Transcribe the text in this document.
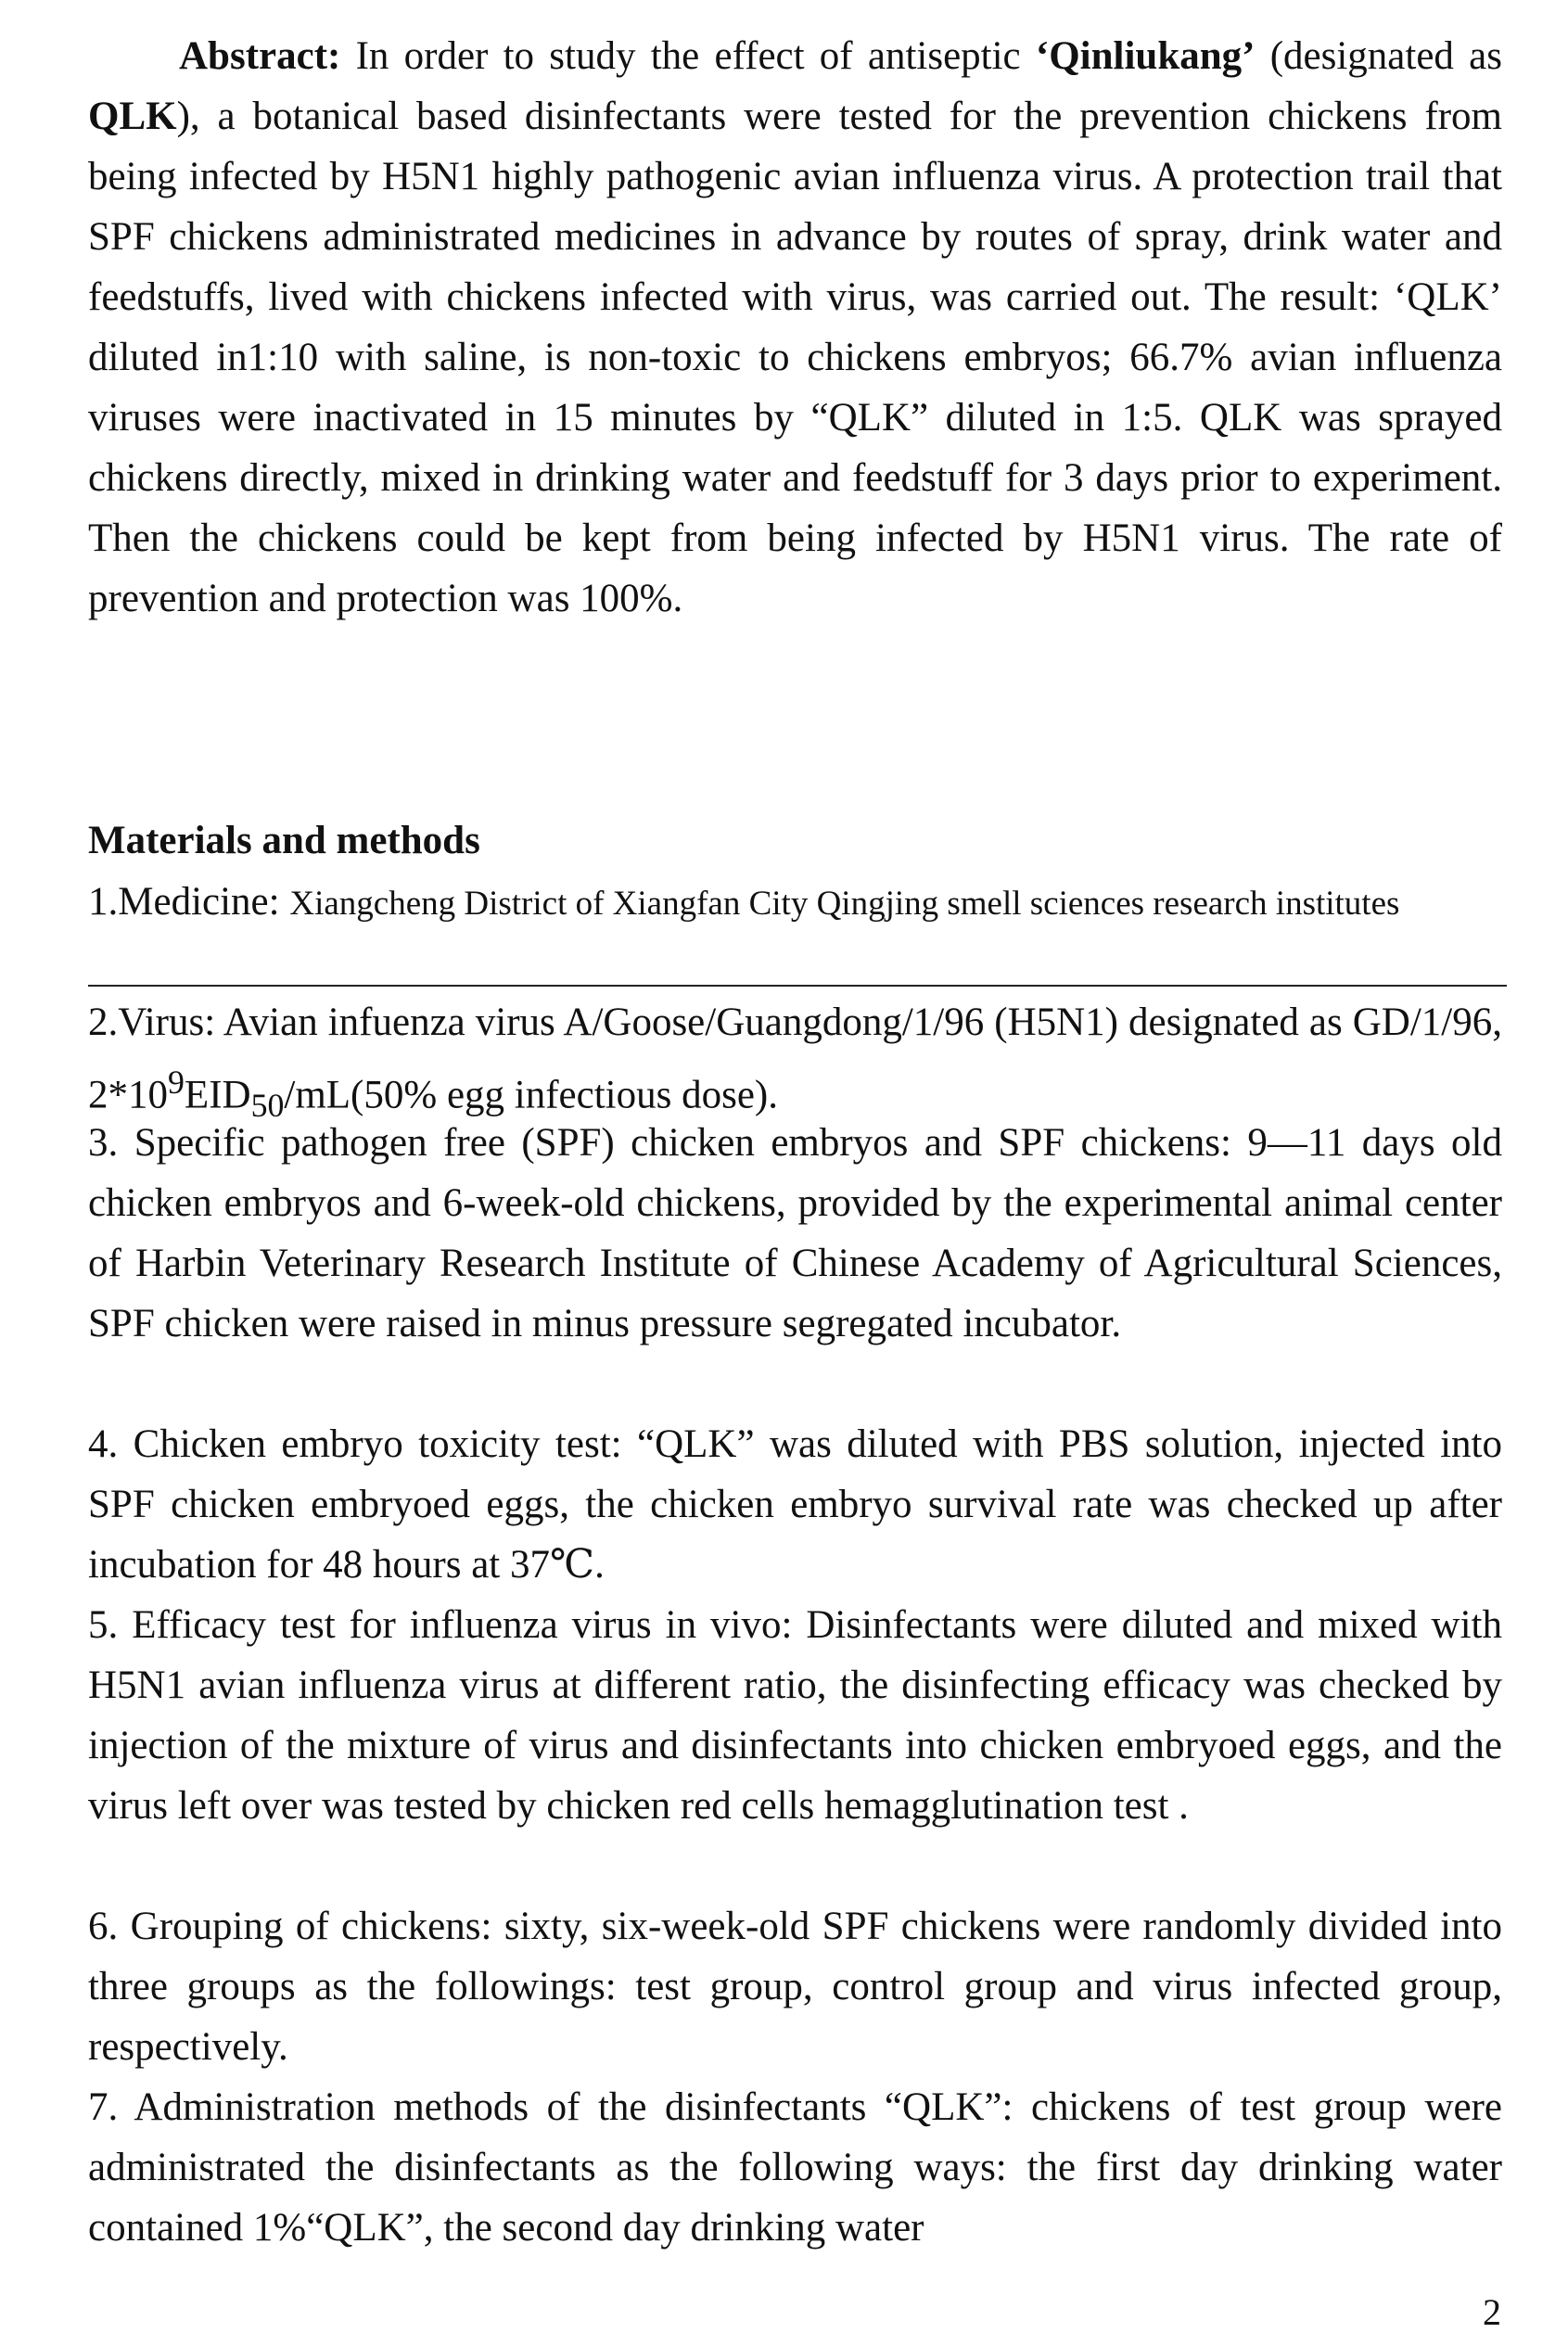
Abstract: In order to study the effect of antiseptic ‘Qinliukang’ (designated as QLK), a botanical based disinfectants were tested for the prevention chickens from being infected by H5N1 highly pathogenic avian influenza virus. A protection trail that SPF chickens administrated medicines in advance by routes of spray, drink water and feedstuffs, lived with chickens infected with virus, was carried out. The result: ‘QLK’ diluted in1:10 with saline, is non-toxic to chickens embryos; 66.7% avian influenza viruses were inactivated in 15 minutes by “QLK” diluted in 1:5. QLK was sprayed chickens directly, mixed in drinking water and feedstuff for 3 days prior to experiment. Then the chickens could be kept from being infected by H5N1 virus. The rate of prevention and protection was 100%.

Materials and methods

1.Medicine: Xiangcheng District of Xiangfan City Qingjing smell sciences research institutes

2.Virus: Avian infuenza virus A/Goose/Guangdong/1/96 (H5N1) designated as GD/1/96, $2*10^9EID_{50}/mL(50\%$ egg infectious dose).

3. Specific pathogen free (SPF) chicken embryos and SPF chickens: 9—11 days old chicken embryos and 6-week-old chickens, provided by the experimental animal center of Harbin Veterinary Research Institute of Chinese Academy of Agricultural Sciences, SPF chicken were raised in minus pressure segregated incubator.

4. Chicken embryo toxicity test: “QLK” was diluted with PBS solution, injected into SPF chicken embryoed eggs, the chicken embryo survival rate was checked up after incubation for 48 hours at 37℃.

5. Efficacy test for influenza virus in vivo: Disinfectants were diluted and mixed with H5N1 avian influenza virus at different ratio, the disinfecting efficacy was checked by injection of the mixture of virus and disinfectants into chicken embryoed eggs, and the virus left over was tested by chicken red cells hemagglutination test .

6. Grouping of chickens: sixty, six-week-old SPF chickens were randomly divided into three groups as the followings: test group, control group and virus infected group, respectively.

7. Administration methods of the disinfectants “QLK”: chickens of test group were administrated the disinfectants as the following ways: the first day drinking water contained 1%“QLK”, the second day drinking water

2
